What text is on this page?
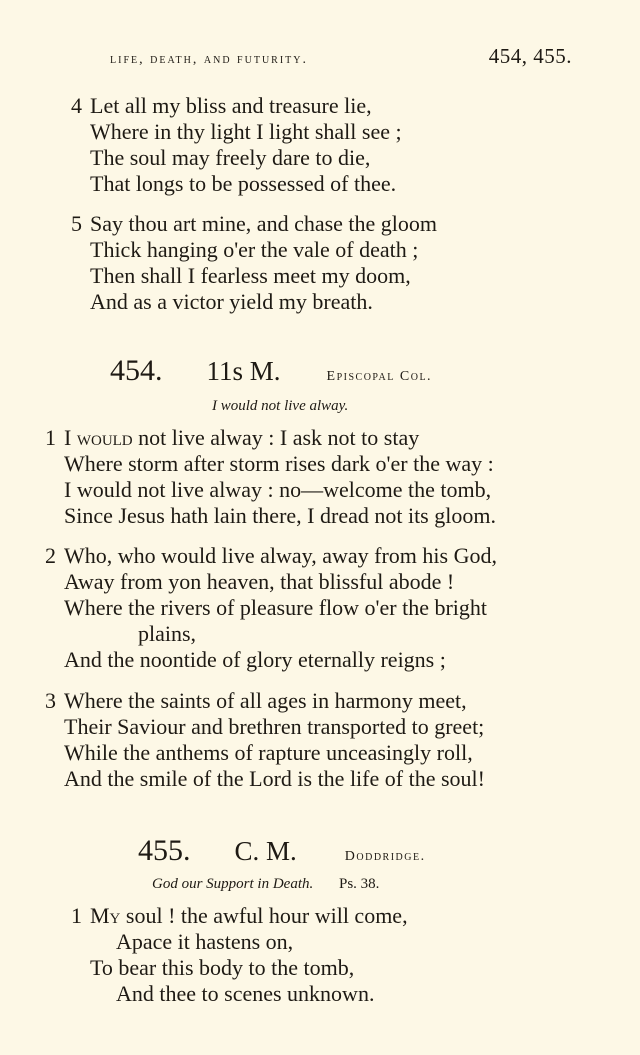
life, death, and futurity.	454, 455.
4 Let all my bliss and treasure lie,
Where in thy light I light shall see ;
The soul may freely dare to die,
That longs to be possessed of thee.
5 Say thou art mine, and chase the gloom
Thick hanging o'er the vale of death ;
Then shall I fearless meet my doom,
And as a victor yield my breath.
454. 11s M.	Episcopal Col.
I would not live alway.
1 I would not live alway : I ask not to stay
Where storm after storm rises dark o'er the way :
I would not live alway : no—welcome the tomb,
Since Jesus hath lain there, I dread not its gloom.
2 Who, who would live alway, away from his God,
Away from yon heaven, that blissful abode !
Where the rivers of pleasure flow o'er the bright
plains,
And the noontide of glory eternally reigns ;
3 Where the saints of all ages in harmony meet,
Their Saviour and brethren transported to greet;
While the anthems of rapture unceasingly roll,
And the smile of the Lord is the life of the soul!
455. C. M.	Doddridge.
God our Support in Death. Ps. 38.
1 My soul ! the awful hour will come,
Apace it hastens on,
To bear this body to the tomb,
And thee to scenes unknown.
